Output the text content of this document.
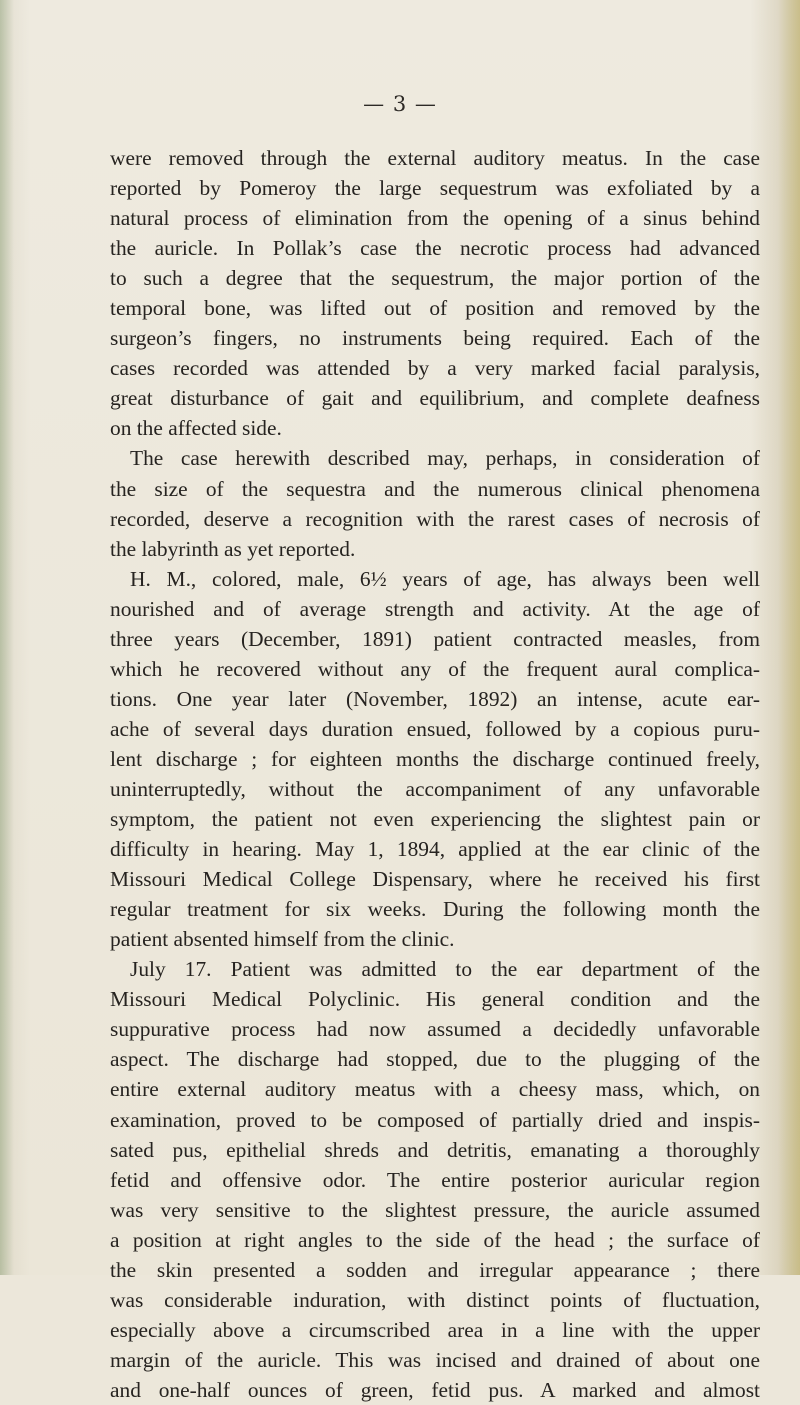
— 3 —
were removed through the external auditory meatus. In the case
reported by Pomeroy the large sequestrum was exfoliated by a
natural process of elimination from the opening of a sinus behind
the auricle. In Pollak’s case the necrotic process had advanced
to such a degree that the sequestrum, the major portion of the
temporal bone, was lifted out of position and removed by the
surgeon’s fingers, no instruments being required. Each of the
cases recorded was attended by a very marked facial paralysis,
great disturbance of gait and equilibrium, and complete deafness
on the affected side.
The case herewith described may, perhaps, in consideration of
the size of the sequestra and the numerous clinical phenomena
recorded, deserve a recognition with the rarest cases of necrosis of
the labyrinth as yet reported.
H. M., colored, male, 6½ years of age, has always been well
nourished and of average strength and activity. At the age of
three years (December, 1891) patient contracted measles, from
which he recovered without any of the frequent aural complica-
tions. One year later (November, 1892) an intense, acute ear-
ache of several days duration ensued, followed by a copious puru-
lent discharge ; for eighteen months the discharge continued freely,
uninterruptedly, without the accompaniment of any unfavorable
symptom, the patient not even experiencing the slightest pain or
difficulty in hearing. May 1, 1894, applied at the ear clinic of the
Missouri Medical College Dispensary, where he received his first
regular treatment for six weeks. During the following month the
patient absented himself from the clinic.
July 17. Patient was admitted to the ear department of the
Missouri Medical Polyclinic. His general condition and the
suppurative process had now assumed a decidedly unfavorable
aspect. The discharge had stopped, due to the plugging of the
entire external auditory meatus with a cheesy mass, which, on
examination, proved to be composed of partially dried and inspis-
sated pus, epithelial shreds and detritis, emanating a thoroughly
fetid and offensive odor. The entire posterior auricular region
was very sensitive to the slightest pressure, the auricle assumed
a position at right angles to the side of the head ; the surface of
the skin presented a sodden and irregular appearance ; there
was considerable induration, with distinct points of fluctuation,
especially above a circumscribed area in a line with the upper
margin of the auricle. This was incised and drained of about one
and one-half ounces of green, fetid pus. A marked and almost
